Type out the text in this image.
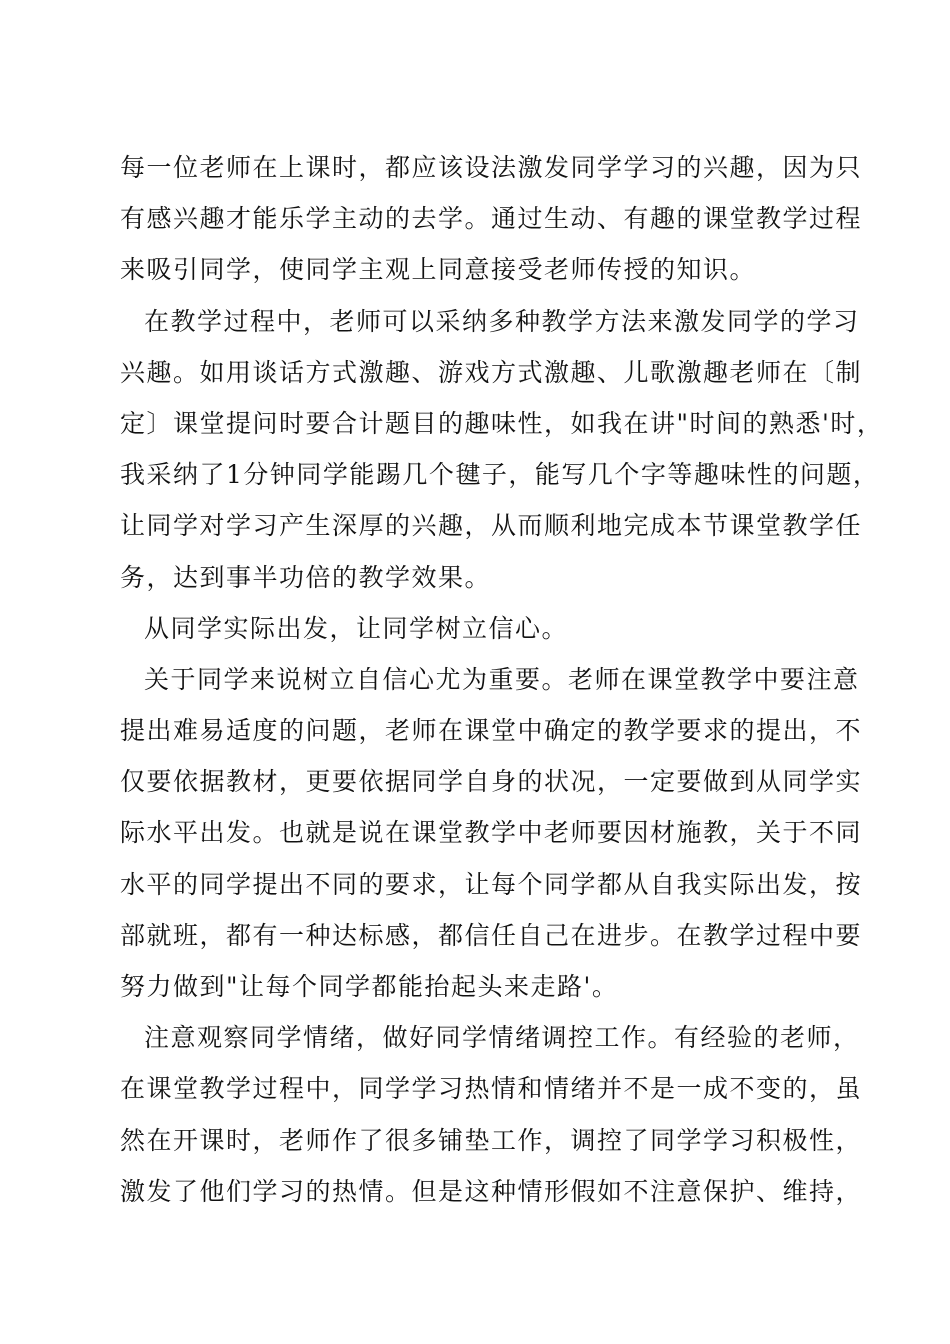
每一位老师在上课时，都应该设法激发同学学习的兴趣，因为只
有感兴趣才能乐学主动的去学。通过生动、有趣的课堂教学过程
来吸引同学，使同学主观上同意接受老师传授的知识。
在教学过程中，老师可以采纳多种教学方法来激发同学的学习
兴趣。如用谈话方式激趣、游戏方式激趣、儿歌激趣老师在〔制
定〕课堂提问时要合计题目的趣味性，如我在讲"时间的熟悉'时，
我采纳了1分钟同学能踢几个毽子，能写几个字等趣味性的问题，
让同学对学习产生深厚的兴趣，从而顺利地完成本节课堂教学任
务，达到事半功倍的教学效果。
从同学实际出发，让同学树立信心。
关于同学来说树立自信心尤为重要。老师在课堂教学中要注意
提出难易适度的问题，老师在课堂中确定的教学要求的提出，不
仅要依据教材，更要依据同学自身的状况，一定要做到从同学实
际水平出发。也就是说在课堂教学中老师要因材施教，关于不同
水平的同学提出不同的要求，让每个同学都从自我实际出发，按
部就班，都有一种达标感，都信任自己在进步。在教学过程中要
努力做到"让每个同学都能抬起头来走路'。
注意观察同学情绪，做好同学情绪调控工作。有经验的老师，
在课堂教学过程中，同学学习热情和情绪并不是一成不变的，虽
然在开课时，老师作了很多铺垫工作，调控了同学学习积极性，
激发了他们学习的热情。但是这种情形假如不注意保护、维持，
